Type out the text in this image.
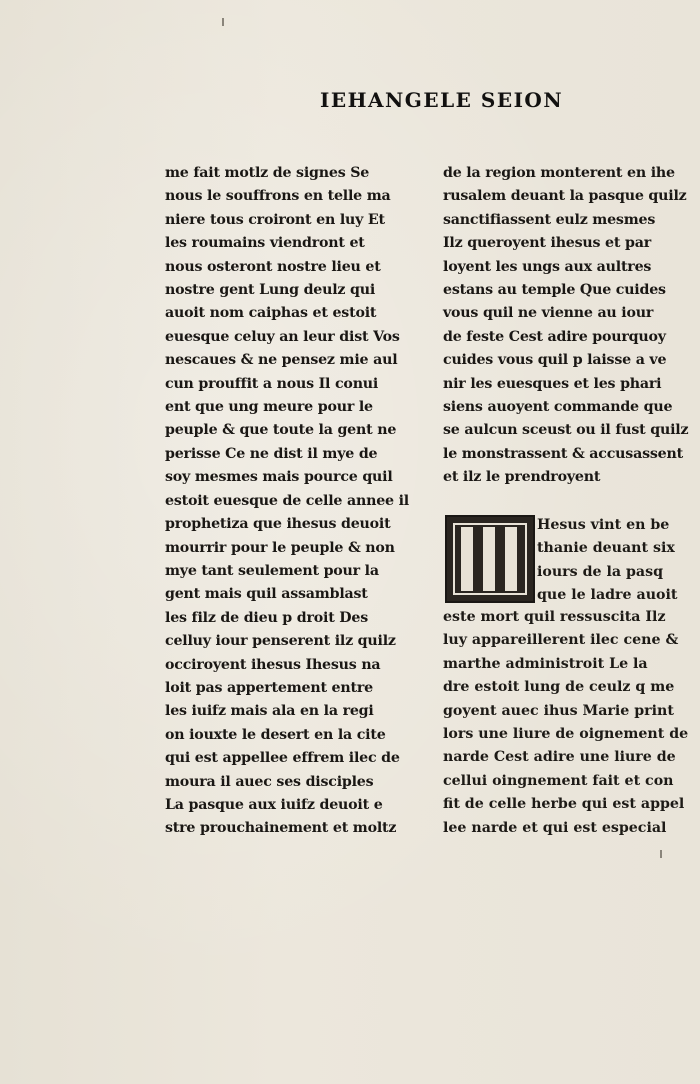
IEHANGELE SEION
me fait motlz de signes Se
nous le souffrons en telle ma
niere tous croiront en luy Et
les roumains viendront et
nous osteront nostre lieu et
nostre gent Lung deulz qui
auoit nom caiphas et estoit
euesque celuy an leur dist Vos
nescaues & ne pensez mie aul
cun prouffit a nous Il conui
ent que ung meure pour le
peuple & que toute la gent ne
perisse Ce ne dist il mye de
soy mesmes mais pource quil
estoit euesque de celle annee il
prophetiza que ihesus deuoit
mourrir pour le peuple & non
mye tant seulement pour la
gent mais quil assamblast
les filz de dieu p droit Des
celluy iour penserent ilz quilz
occiroyent ihesus Ihesus na
loit pas appertement entre
les iuifz mais ala en la regi
on iouxte le desert en la cite
qui est appellee effrem ilec de
moura il auec ses disciples
La pasque aux iuifz deuoit e
stre prouchainement et moltz
de la region monterent en ihe
rusalem deuant la pasque quilz
sanctifiassent eulz mesmes
Ilz queroyent ihesus et par
loyent les ungs aux aultres
estans au temple Que cuides
vous quil ne vienne au iour
de feste Cest adire pourquoy
cuides vous quil p laisse a ve
nir les euesques et les phari
siens auoyent commande que
se aulcun sceust ou il fust quilz
le monstrassent & accusassent
et ilz le prendroyent
Hesus vint en be
thanie deuant six
iours de la pasq
que le ladre auoit
este mort quil ressuscita Ilz
luy appareillerent ilec cene &
marthe administroit Le la
dre estoit lung de ceulz q me
goyent auec ihus Marie print
lors une liure de oignement de
narde Cest adire une liure de
cellui oingnement fait et con
fit de celle herbe qui est appel
lee narde et qui est especial
